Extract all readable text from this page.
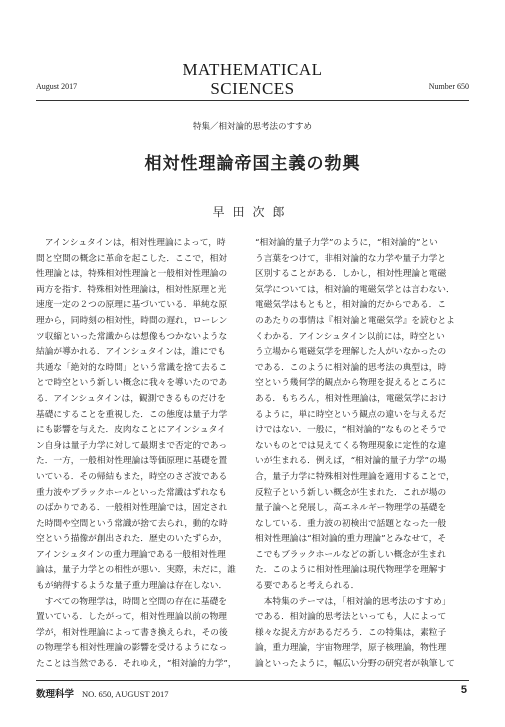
MATHEMATICAL
SCIENCES
August 2017	Number 650
特集／相対論的思考法のすすめ
相対性理論帝国主義の勃興
早田次郎
　アインシュタインは，相対性理論によって，時
間と空間の概念に革命を起こした．ここで，相対
性理論とは，特殊相対性理論と一般相対性理論の
両方を指す．特殊相対性理論は，相対性原理と光
速度一定の２つの原理に基づいている．単純な原
理から，同時刻の相対性，時間の遅れ，ローレン
ツ収縮といった常識からは想像もつかないような
結論が導かれる．アインシュタインは，誰にでも
共通な「絶対的な時間」という常識を捨て去るこ
とで時空という新しい概念に我々を導いたのであ
る．アインシュタインは，観測できるものだけを
基礎にすることを重視した．この態度は量子力学
にも影響を与えた．皮肉なことにアインシュタイ
ン自身は量子力学に対して最期まで否定的であっ
た．一方，一般相対性理論は等価原理に基礎を置
いている．その帰結もまた，時空のさざ波である
重力波やブラックホールといった常識はずれなも
のばかりである．一般相対性理論では，固定され
た時間や空間という常識が捨て去られ，動的な時
空という描像が創出された．歴史のいたずらか，
アインシュタインの重力理論である一般相対性理
論は，量子力学との相性が悪い．実際，未だに，誰
もが納得するような量子重力理論は存在しない．
　すべての物理学は，時間と空間の存在に基礎を
置いている．したがって，相対性理論以前の物理
学が，相対性理論によって書き換えられ，その後
の物理学も相対性理論の影響を受けるようになっ
たことは当然である．それゆえ，“相対論的力学”，
“相対論的量子力学”のように，“相対論的”とい
う言葉をつけて，非相対論的な力学や量子力学と
区別することがある．しかし，相対性理論と電磁
気学については，相対論的電磁気学とは言わない．
電磁気学はもともと，相対論的だからである．こ
のあたりの事情は『相対論と電磁気学』を読むとよ
くわかる．アインシュタイン以前には，時空とい
う立場から電磁気学を理解した人がいなかったの
である．このように相対論的思考法の典型は，時
空という幾何学的観点から物理を捉えるところに
ある．もちろん，相対性理論は，電磁気学におけ
るように，単に時空という観点の違いを与えるだ
けではない．一般に，“相対論的”なものとそうで
ないものとでは見えてくる物理現象に定性的な違
いが生まれる．例えば，“相対論的量子力学”の場
合，量子力学に特殊相対性理論を適用することで，
反粒子という新しい概念が生まれた．これが場の
量子論へと発展し，高エネルギー物理学の基礎を
なしている．重力波の初検出で話題となった一般
相対性理論は“相対論的重力理論”とみなせて，そ
こでもブラックホールなどの新しい概念が生まれ
た．このように相対性理論は現代物理学を理解す
る要であると考えられる．
　本特集のテーマは，「相対論的思考法のすすめ」
である．相対論的思考法といっても，人によって
様々な捉え方があるだろう．この特集は，素粒子
論，重力理論，宇宙物理学，原子核理論，物性理
論といったように，幅広い分野の研究者が執筆して
数理科学 NO. 650, AUGUST 2017	5
